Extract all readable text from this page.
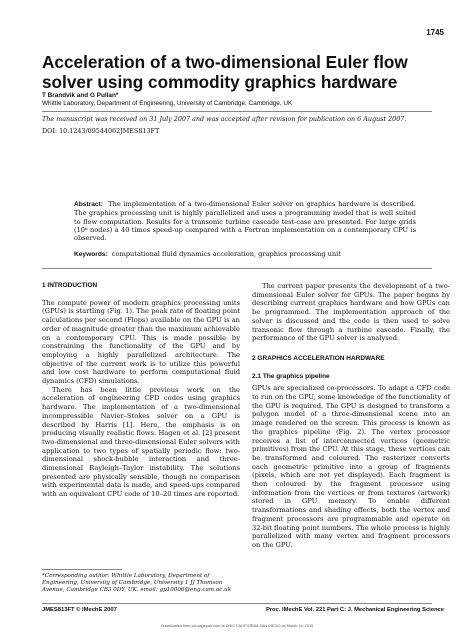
1745
Acceleration of a two-dimensional Euler flow solver using commodity graphics hardware
T Brandvik and G Pullan*
Whittle Laboratory, Department of Engineering, University of Cambridge, Cambridge, UK
The manuscript was received on 31 July 2007 and was accepted after revision for publication on 6 August 2007.
DOI: 10.1243/09544062JMES813FT
Abstract: The implementation of a two-dimensional Euler solver on graphics hardware is described. The graphics processing unit is highly parallelized and uses a programming model that is well suited to flow computation. Results for a transonic turbine cascade test-case are presented. For large grids (10⁶ nodes) a 40 times speed-up compared with a Fortran implementation on a contemporary CPU is observed.
Keywords: computational fluid dynamics acceleration, graphics processing unit
1 INTRODUCTION

The compute power of modern graphics processing units (GPUs) is startling (Fig. 1). The peak rate of floating point calculations per second (Flops) available on the GPU is an order of magnitude greater than the maximum achievable on a contemporary CPU. This is made possible by constraining the functionality of the GPU and by employing a highly parallelized architecture. The objective of the current work is to utilize this powerful and low cost hardware to perform computational fluid dynamics (CFD) simulations.

There has been little previous work on the acceleration of engineering CFD codes using graphics hardware. The implementation of a two-dimensional incompressible Navier–Stokes solver on a GPU is described by Harris [1]. Here, the emphasis is on producing visually realistic flows. Hagen et al. [2] present two-dimensional and three-dimensional Euler solvers with application to two types of spatially periodic flow: two-dimensional shock-bubble interaction and three-dimensional Rayleigh–Taylor instability. The solutions presented are physically sensible, though no comparison with experimental data is made, and speed-ups compared with an equivalent CPU code of 10–20 times are reported.

The current paper presents the development of a two-dimensional Euler solver for GPUs. The paper begins by describing current graphics hardware and how GPUs can be programmed. The implementation approach of the solver is discussed and the code is then used to solve transonic flow through a turbine cascade. Finally, the performance of the GPU solver is analysed.

2 GRAPHICS ACCELERATION HARDWARE
2.1 The graphics pipeline

GPUs are specialized co-processors. To adapt a CFD code to run on the GPU, some knowledge of the functionality of the GPU is required. The GPU is designed to transform a polygon model of a three-dimensional scene into an image rendered on the screen. This process is known as the graphics pipeline (Fig. 2). The vertex processor receives a list of interconnected vertices (geometric primitives) from the CPU. At this stage, these vertices can be transformed and coloured. The rasterizer converts each geometric primitive into a group of fragments (pixels, which are not yet displayed). Each fragment is then coloured by the fragment processor using information from the vertices or from textures (artwork) stored in GPU memory. To enable different transformations and shading effects, both the vertex and fragment processors are programmable and operate on 32-bit floating point numbers. The whole process is highly parallelized with many vertex and fragment processors on the GPU.

*Corresponding author: Whittle Laboratory, Department of Engineering, University of Cambridge, University 1 JJ Thomson Avenue, Cambridge CB3 0DY, UK. email: gp10006@eng.cam.ac.uk
JMES813FT © IMechE 2007	Proc. IMechE Vol. 221 Part C: J. Mechanical Engineering Science
Downloaded from pic.sagepub.com at UNIV CALIFORNIA SAN DIEGO on March 14, 2015
